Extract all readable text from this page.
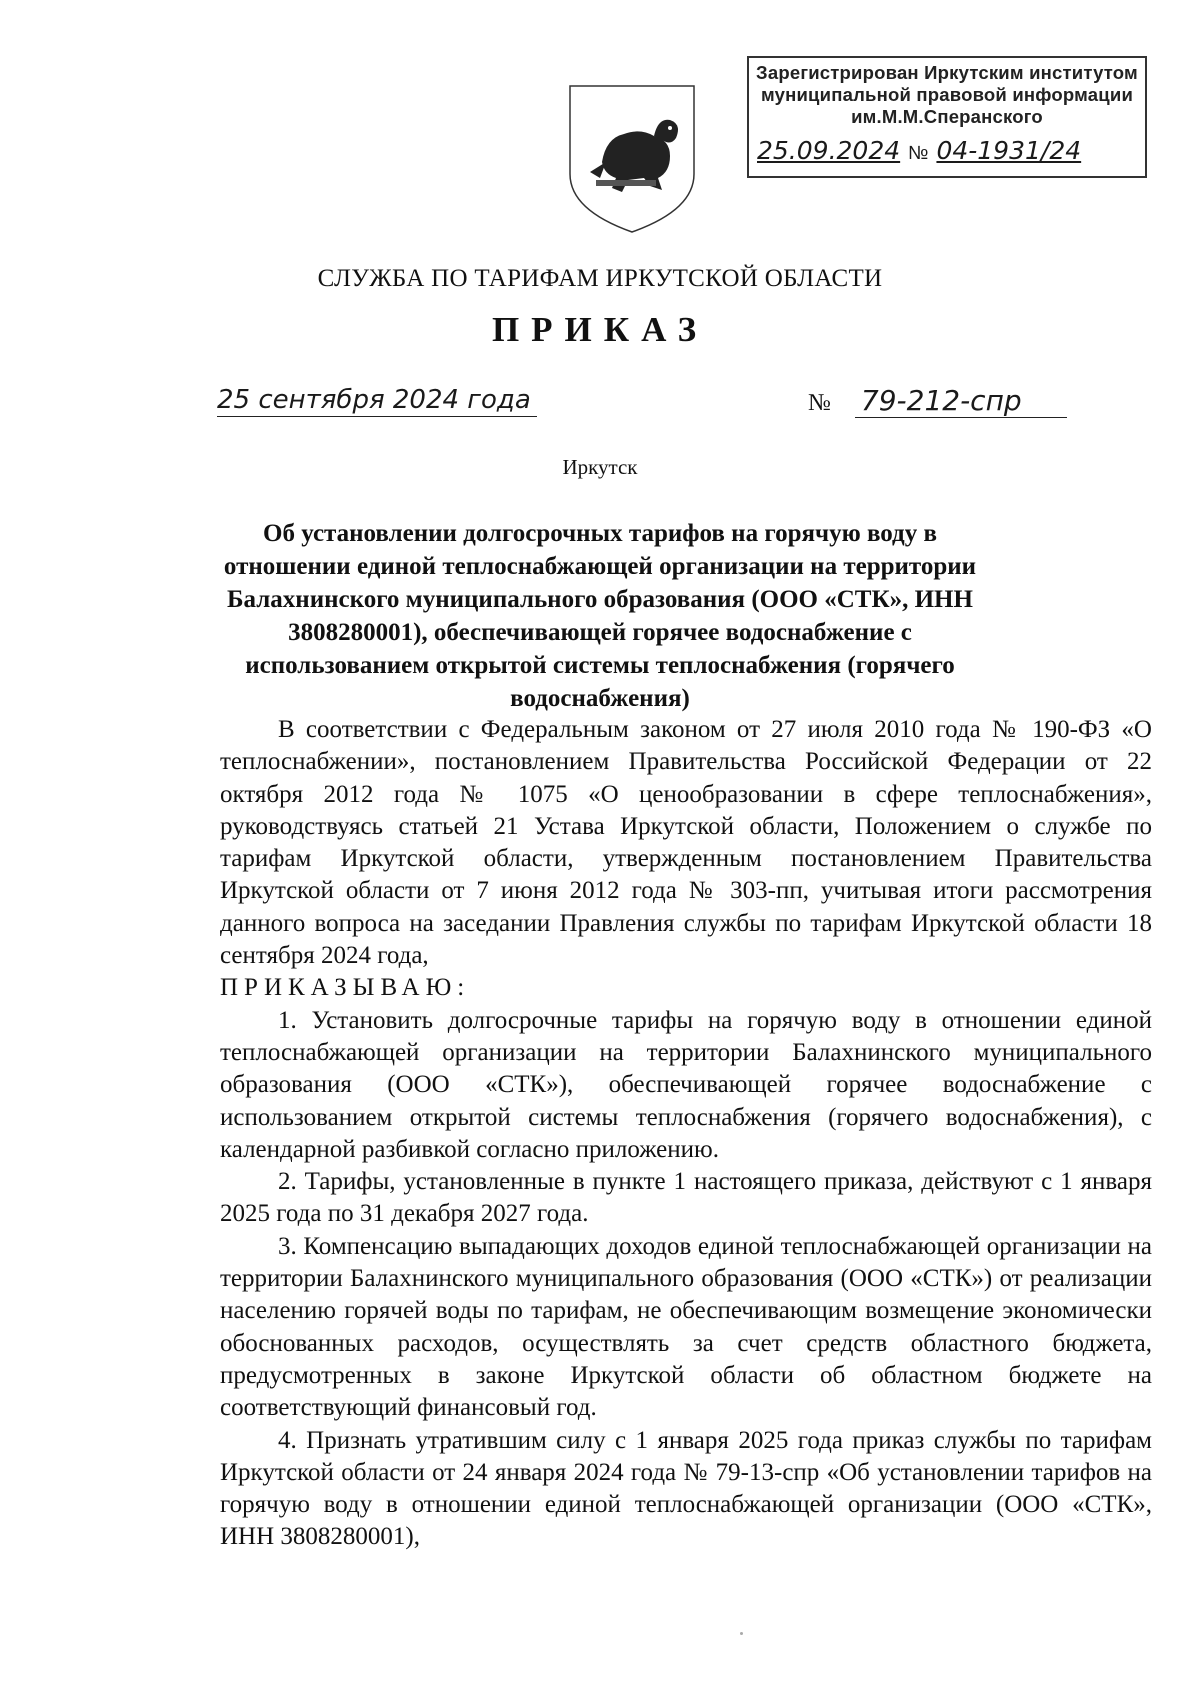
Зарегистрирован Иркутским институтом
муниципальной правовой информации
им.М.М.Сперанского
25.09.2024 № 04-1931/24
СЛУЖБА ПО ТАРИФАМ ИРКУТСКОЙ ОБЛАСТИ
ПРИКАЗ
25 сентября 2024 года	№ 79-212-спр
Иркутск
Об установлении долгосрочных тарифов на горячую воду в отношении единой теплоснабжающей организации на территории Балахнинского муниципального образования (ООО «СТК», ИНН 3808280001), обеспечивающей горячее водоснабжение с использованием открытой системы теплоснабжения (горячего водоснабжения)

В соответствии с Федеральным законом от 27 июля 2010 года № 190-ФЗ «О теплоснабжении», постановлением Правительства Российской Федерации от 22 октября 2012 года № 1075 «О ценообразовании в сфере теплоснабжения», руководствуясь статьей 21 Устава Иркутской области, Положением о службе по тарифам Иркутской области, утвержденным постановлением Правительства Иркутской области от 7 июня 2012 года № 303-пп, учитывая итоги рассмотрения данного вопроса на заседании Правления службы по тарифам Иркутской области 18 сентября 2024 года,

ПРИКАЗЫВАЮ:

1. Установить долгосрочные тарифы на горячую воду в отношении единой теплоснабжающей организации на территории Балахнинского муниципального образования (ООО «СТК»), обеспечивающей горячее водоснабжение с использованием открытой системы теплоснабжения (горячего водоснабжения), с календарной разбивкой согласно приложению.

2. Тарифы, установленные в пункте 1 настоящего приказа, действуют с 1 января 2025 года по 31 декабря 2027 года.

3. Компенсацию выпадающих доходов единой теплоснабжающей организации на территории Балахнинского муниципального образования (ООО «СТК») от реализации населению горячей воды по тарифам, не обеспечивающим возмещение экономически обоснованных расходов, осуществлять за счет средств областного бюджета, предусмотренных в законе Иркутской области об областном бюджете на соответствующий финансовый год.

4. Признать утратившим силу с 1 января 2025 года приказ службы по тарифам Иркутской области от 24 января 2024 года № 79-13-спр «Об установлении тарифов на горячую воду в отношении единой теплоснабжающей организации (ООО «СТК», ИНН 3808280001),
